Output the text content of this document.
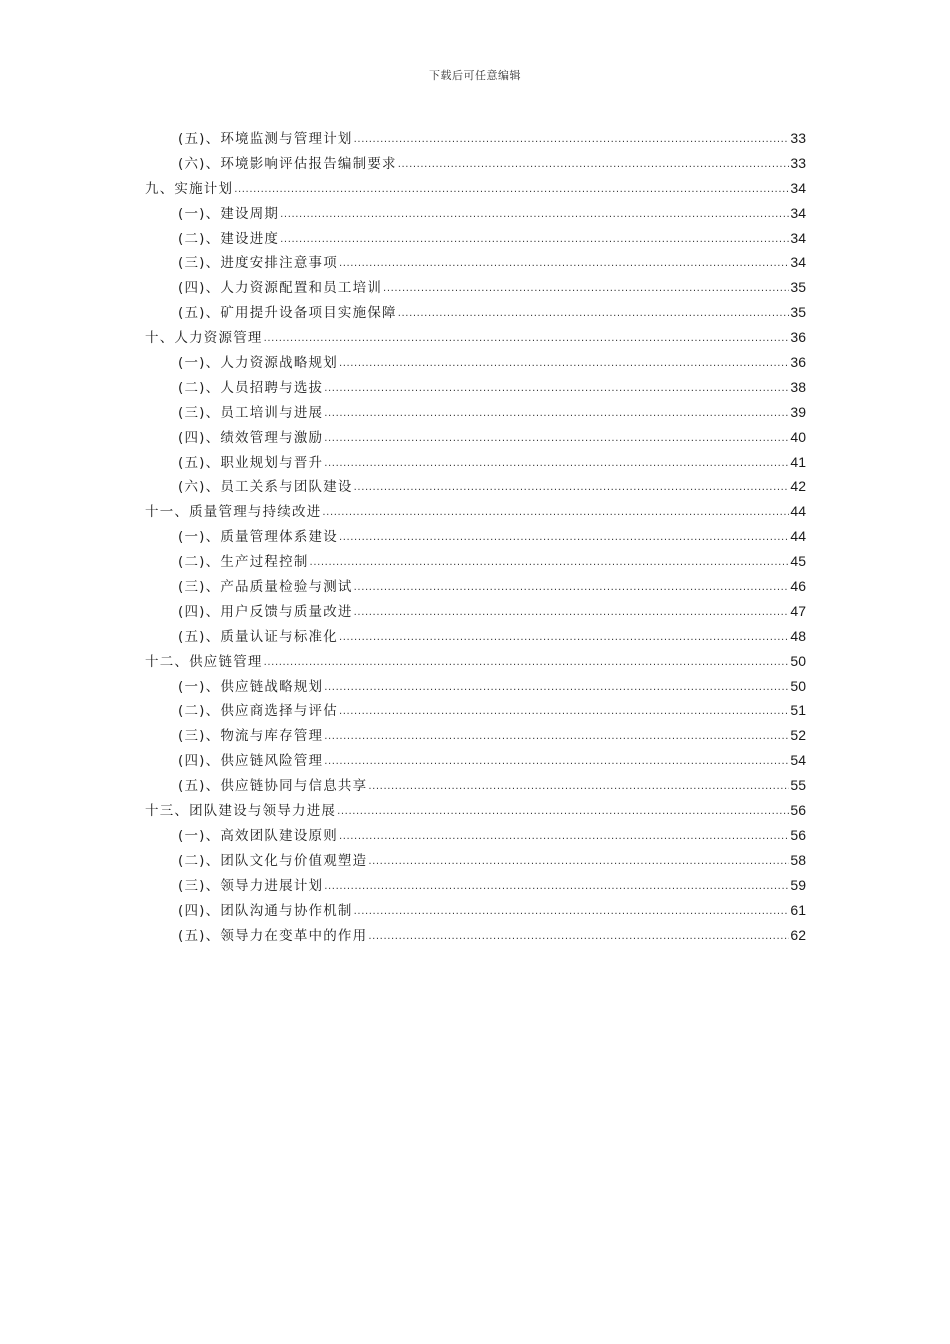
下载后可任意编辑
(五)、环境监测与管理计划 .....	33
(六)、环境影响评估报告编制要求 .....	33
九、实施计划 .....	34
(一)、建设周期 .....	34
(二)、建设进度 .....	34
(三)、进度安排注意事项 .....	34
(四)、人力资源配置和员工培训 .....	35
(五)、矿用提升设备项目实施保障 .....	35
十、人力资源管理 .....	36
(一)、人力资源战略规划 .....	36
(二)、人员招聘与选拔 .....	38
(三)、员工培训与进展 .....	39
(四)、绩效管理与激励 .....	40
(五)、职业规划与晋升 .....	41
(六)、员工关系与团队建设 .....	42
十一、质量管理与持续改进 .....	44
(一)、质量管理体系建设 .....	44
(二)、生产过程控制 .....	45
(三)、产品质量检验与测试 .....	46
(四)、用户反馈与质量改进 .....	47
(五)、质量认证与标准化 .....	48
十二、供应链管理 .....	50
(一)、供应链战略规划 .....	50
(二)、供应商选择与评估 .....	51
(三)、物流与库存管理 .....	52
(四)、供应链风险管理 .....	54
(五)、供应链协同与信息共享 .....	55
十三、团队建设与领导力进展 .....	56
(一)、高效团队建设原则 .....	56
(二)、团队文化与价值观塑造 .....	58
(三)、领导力进展计划 .....	59
(四)、团队沟通与协作机制 .....	61
(五)、领导力在变革中的作用 .....	62
